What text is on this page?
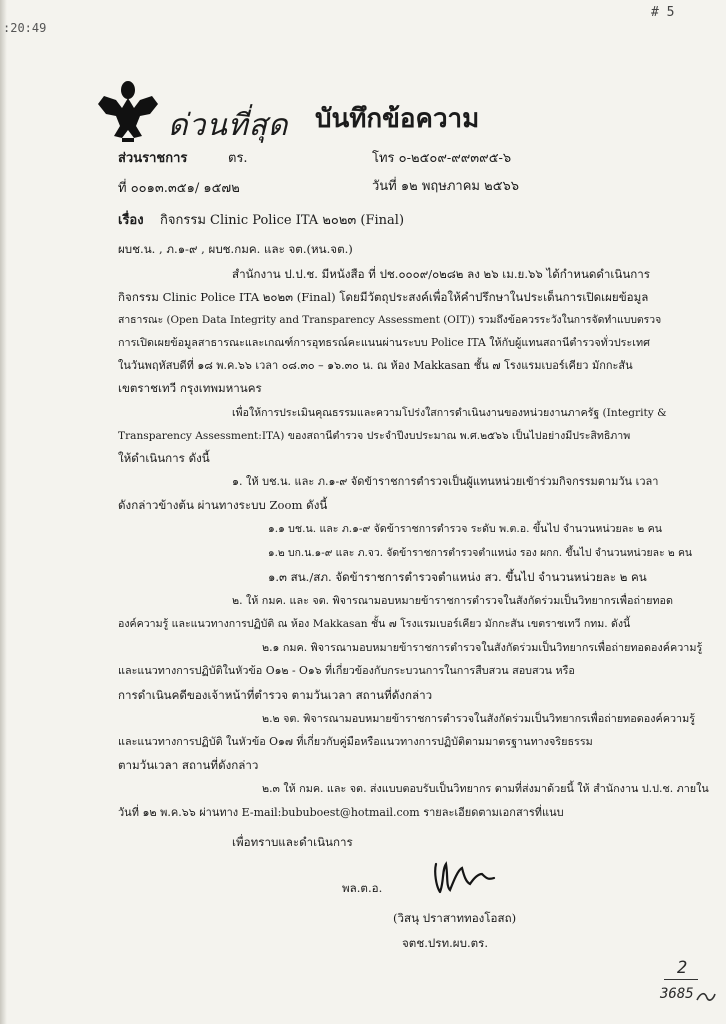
:20:49
# 5
ด่วนที่สุด บันทึกข้อความ
ส่วนราชการ	ตร.	โทร ๐-๒๕๐๙-๙๙๓๙๕-๖
ที่ ๐๐๑๓.๓๕๑/ ๑๕๗๒	วันที่ ๑๒ พฤษภาคม ๒๕๖๖
เรื่อง กิจกรรม Clinic Police ITA ๒๐๒๓ (Final)
ผบช.น. , ภ.๑-๙ , ผบช.กมค. และ จต.(หน.จต.)
สำนักงาน ป.ป.ช. มีหนังสือ ที่ ปช.๐๐๐๙/๐๒๘๒ ลง ๒๖ เม.ย.๖๖ ได้กำหนดดำเนินการ
กิจกรรม Clinic Police ITA ๒๐๒๓ (Final) โดยมีวัตถุประสงค์เพื่อให้คำปรึกษาในประเด็นการเปิดเผยข้อมูล
สาธารณะ (Open Data Integrity and Transparency Assessment (OIT)) รวมถึงข้อควรระวังในการจัดทำแบบตรวจ
การเปิดเผยข้อมูลสาธารณะและเกณฑ์การอุทธรณ์คะแนนผ่านระบบ Police ITA ให้กับผู้แทนสถานีตำรวจทั่วประเทศ
ในวันพฤหัสบดีที่ ๑๘ พ.ค.๖๖ เวลา ๐๘.๓๐ – ๑๖.๓๐ น. ณ ห้อง Makkasan ชั้น ๗ โรงแรมเบอร์เคียว มักกะสัน
เขตราชเทวี กรุงเทพมหานคร
เพื่อให้การประเมินคุณธรรมและความโปร่งใสการดำเนินงานของหน่วยงานภาครัฐ (Integrity &
Transparency Assessment:ITA) ของสถานีตำรวจ ประจำปีงบประมาณ พ.ศ.๒๕๖๖ เป็นไปอย่างมีประสิทธิภาพ
ให้ดำเนินการ ดังนี้
๑. ให้ บช.น. และ ภ.๑-๙ จัดข้าราชการตำรวจเป็นผู้แทนหน่วยเข้าร่วมกิจกรรมตามวัน เวลา
ดังกล่าวข้างต้น ผ่านทางระบบ Zoom ดังนี้
๑.๑ บช.น. และ ภ.๑-๙ จัดข้าราชการตำรวจ ระดับ พ.ต.อ. ขึ้นไป จำนวนหน่วยละ ๒ คน
๑.๒ บก.น.๑-๙ และ ภ.จว. จัดข้าราชการตำรวจตำแหน่ง รอง ผกก. ขึ้นไป จำนวนหน่วยละ ๒ คน
๑.๓ สน./สภ. จัดข้าราชการตำรวจตำแหน่ง สว. ขึ้นไป จำนวนหน่วยละ ๒ คน
๒. ให้ กมค. และ จต. พิจารณามอบหมายข้าราชการตำรวจในสังกัดร่วมเป็นวิทยากรเพื่อถ่ายทอด
องค์ความรู้ และแนวทางการปฏิบัติ ณ ห้อง Makkasan ชั้น ๗ โรงแรมเบอร์เคียว มักกะสัน เขตราชเทวี กทม. ดังนี้
๒.๑ กมค. พิจารณามอบหมายข้าราชการตำรวจในสังกัดร่วมเป็นวิทยากรเพื่อถ่ายทอดองค์ความรู้
และแนวทางการปฏิบัติในหัวข้อ O๑๒ - O๑๖ ที่เกี่ยวข้องกับกระบวนการในการสืบสวน สอบสวน หรือ
การดำเนินคดีของเจ้าหน้าที่ตำรวจ ตามวันเวลา สถานที่ดังกล่าว
๒.๒ จต. พิจารณามอบหมายข้าราชการตำรวจในสังกัดร่วมเป็นวิทยากรเพื่อถ่ายทอดองค์ความรู้
และแนวทางการปฏิบัติ ในหัวข้อ O๑๗ ที่เกี่ยวกับคู่มือหรือแนวทางการปฏิบัติตามมาตรฐานทางจริยธรรม
ตามวันเวลา สถานที่ดังกล่าว
๒.๓ ให้ กมค. และ จต. ส่งแบบตอบรับเป็นวิทยากร ตามที่ส่งมาด้วยนี้ ให้ สำนักงาน ป.ป.ช. ภายใน
วันที่ ๑๒ พ.ค.๖๖ ผ่านทาง E-mail:bububoest@hotmail.com รายละเอียดตามเอกสารที่แนบ
เพื่อทราบและดำเนินการ
พล.ต.อ.
(วิสนุ ปราสาททองโอสถ)
จตช.ปรท.ผบ.ตร.
2
3685
